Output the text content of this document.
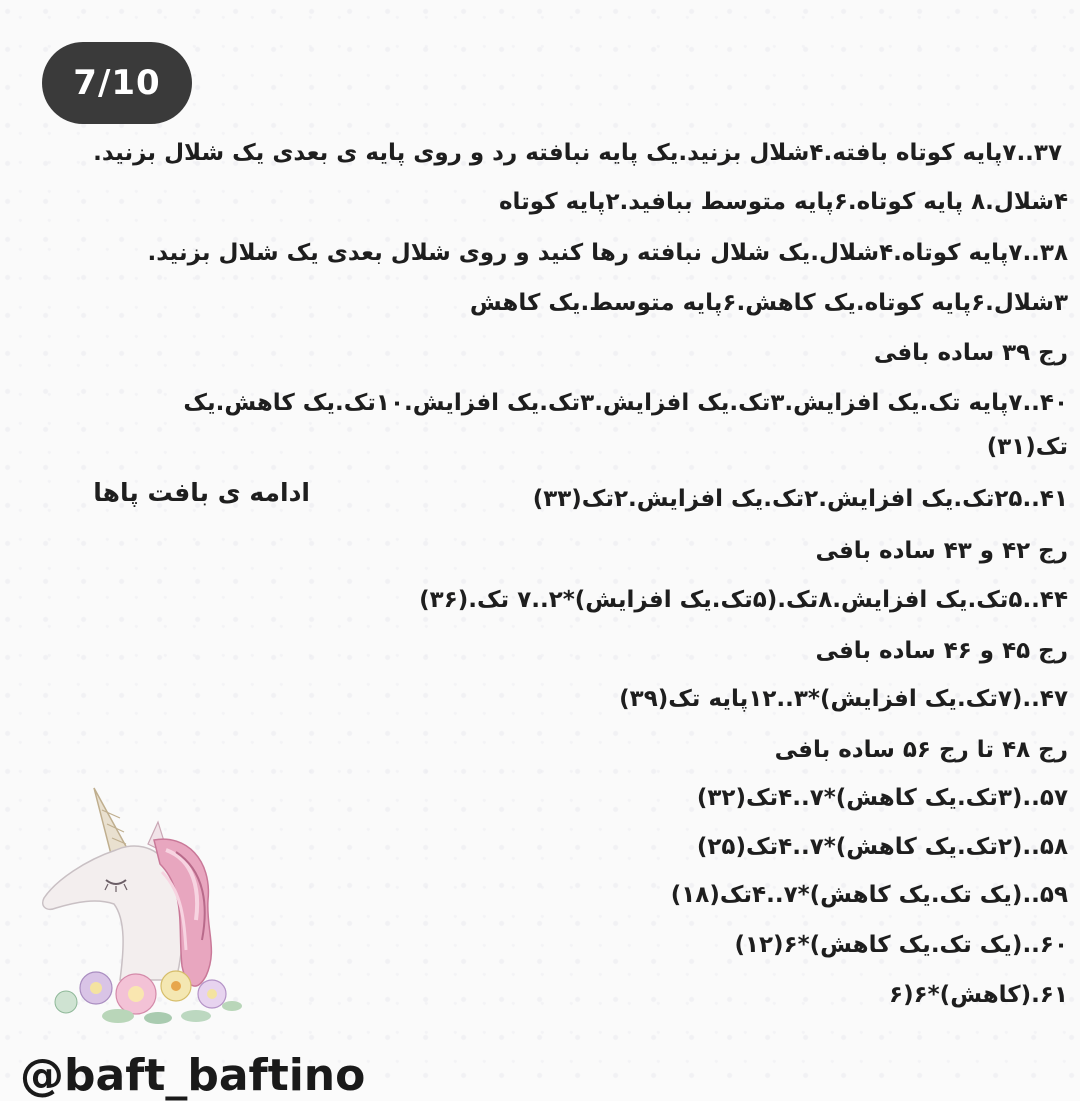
7/10
۳۷..۷پایه کوتاه بافته.۴شلال بزنید.یک پایه نبافته رد و روی پایه ی بعدی یک شلال بزنید.
۴شلال.۸ پایه کوتاه.۶پایه متوسط ببافید.۲پایه کوتاه
۳۸..۷پایه کوتاه.۴شلال.یک شلال نبافته رها کنید و روی شلال بعدی یک شلال بزنید.
۳شلال.۶پایه کوتاه.یک کاهش.۶پایه متوسط.یک کاهش
رج ۳۹ ساده بافی
۴۰..۷پایه تک.یک افزایش.۳تک.یک افزایش.۳تک.یک افزایش.۱۰تک.یک کاهش.یک
تک(۳۱)
۴۱..۲۵تک.یک افزایش.۲تک.یک افزایش.۲تک(۳۳)
رج ۴۲ و ۴۳ ساده بافی
۴۴..۵تک.یک افزایش.۸تک.(۵تک.یک افزایش)*۲..۷ تک.(۳۶)
رج ۴۵ و ۴۶ ساده بافی
۴۷..(۷تک.یک افزایش)*۳..۱۲پایه تک(۳۹)
رج ۴۸ تا رج ۵۶ ساده بافی
۵۷..(۳تک.یک کاهش)*۷..۴تک(۳۲)
۵۸..(۲تک.یک کاهش)*۷..۴تک(۲۵)
۵۹..(یک تک.یک کاهش)*۷..۴تک(۱۸)
۶۰..(یک تک.یک کاهش)*۶(۱۲)
۶۱.(کاهش)*۶(۶
ادامه ی بافت پاها
@baft_baftino
